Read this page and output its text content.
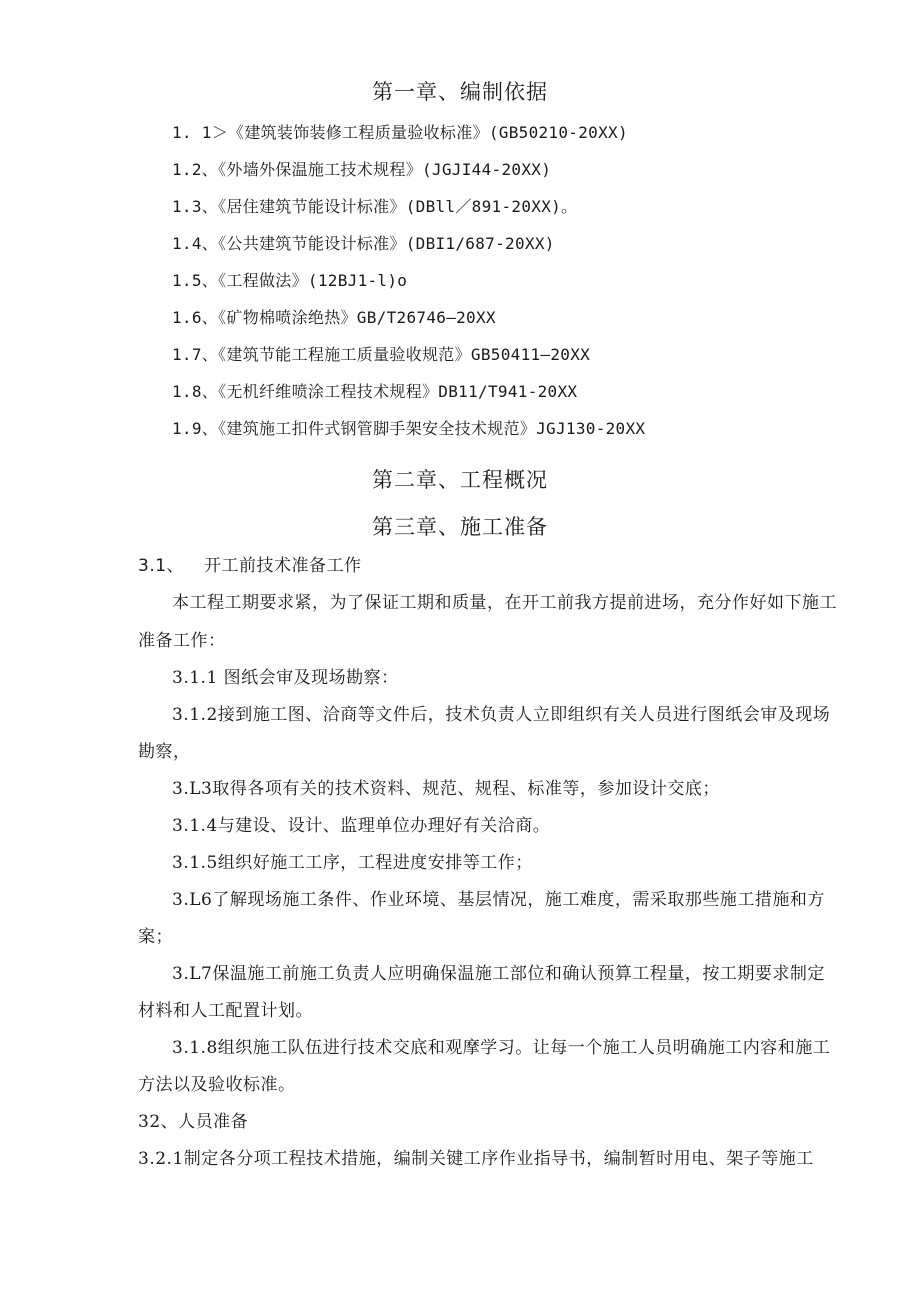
第一章、编制依据
1. 1＞《建筑装饰装修工程质量验收标准》(GB50210-20XX)
1.2、《外墙外保温施工技术规程》(JGJI44-20XX)
1.3、《居住建筑节能设计标准》(DBll／891-20XX)。
1.4、《公共建筑节能设计标准》(DBI1/687-20XX)
1.5、《工程做法》(12BJ1-l)o
1.6、《矿物棉喷涂绝热》GB/T26746—20XX
1.7、《建筑节能工程施工质量验收规范》GB50411—20XX
1.8、《无机纤维喷涂工程技术规程》DB11/T941-20XX
1.9、《建筑施工扣件式钢管脚手架安全技术规范》JGJ130-20XX
第二章、工程概况
第三章、施工准备
3.1、 开工前技术准备工作
本工程工期要求紧，为了保证工期和质量，在开工前我方提前进场，充分作好如下施工
准备工作：
3.1.1 图纸会审及现场勘察：
3.1.2接到施工图、洽商等文件后，技术负责人立即组织有关人员进行图纸会审及现场
勘察，
3.L3取得各项有关的技术资料、规范、规程、标准等，参加设计交底；
3.1.4与建设、设计、监理单位办理好有关洽商。
3.1.5组织好施工工序，工程进度安排等工作；
3.L6了解现场施工条件、作业环境、基层情况，施工难度，需采取那些施工措施和方
案；
3.L7保温施工前施工负责人应明确保温施工部位和确认预算工程量，按工期要求制定
材料和人工配置计划。
3.1.8组织施工队伍进行技术交底和观摩学习。让每一个施工人员明确施工内容和施工
方法以及验收标准。
32、人员准备
3.2.1制定各分项工程技术措施，编制关键工序作业指导书，编制暂时用电、架子等施工
